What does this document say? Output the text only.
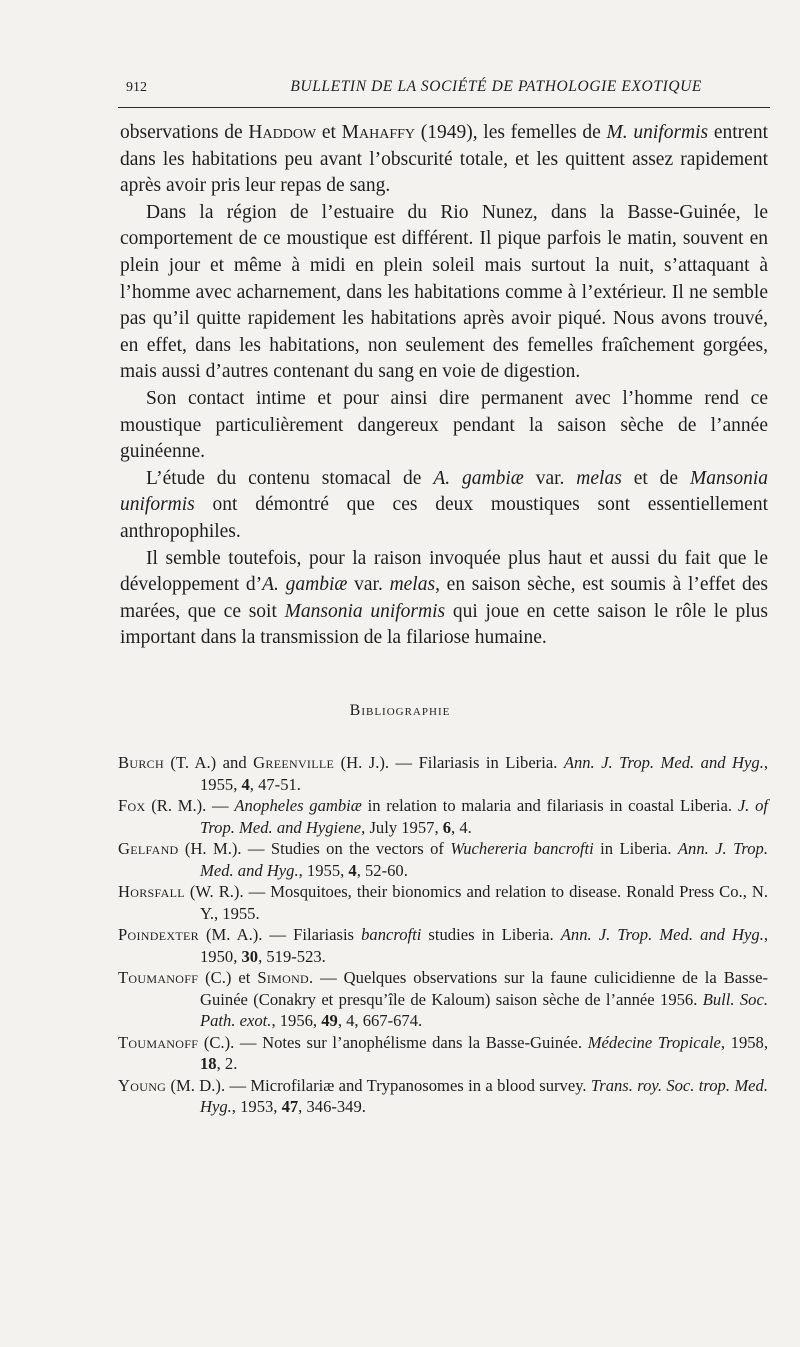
912	BULLETIN DE LA SOCIÉTÉ DE PATHOLOGIE EXOTIQUE

observations de Haddow et Mahaffy (1949), les femelles de M. uniformis entrent dans les habitations peu avant l’obscurité totale, et les quittent assez rapidement après avoir pris leur repas de sang.

Dans la région de l’estuaire du Rio Nunez, dans la Basse-Guinée, le comportement de ce moustique est différent. Il pique parfois le matin, souvent en plein jour et même à midi en plein soleil mais surtout la nuit, s’attaquant à l’homme avec acharnement, dans les habitations comme à l’extérieur. Il ne semble pas qu’il quitte rapidement les habitations après avoir piqué. Nous avons trouvé, en effet, dans les habitations, non seulement des femelles fraîchement gorgées, mais aussi d’autres contenant du sang en voie de digestion.

Son contact intime et pour ainsi dire permanent avec l’homme rend ce moustique particulièrement dangereux pendant la saison sèche de l’année guinéenne.

L’étude du contenu stomacal de A. gambiæ var. melas et de Mansonia uniformis ont démontré que ces deux moustiques sont essentiellement anthropophiles.

Il semble toutefois, pour la raison invoquée plus haut et aussi du fait que le développement d’A. gambiæ var. melas, en saison sèche, est soumis à l’effet des marées, que ce soit Mansonia uniformis qui joue en cette saison le rôle le plus important dans la transmission de la filariose humaine.

Bibliographie
Burch (T. A.) and Greenville (H. J.). — Filariasis in Liberia. Ann. J. Trop. Med. and Hyg., 1955, 4, 47-51.
Fox (R. M.). — Anopheles gambiæ in relation to malaria and filariasis in coastal Liberia. J. of Trop. Med. and Hygiene, July 1957, 6, 4.
Gelfand (H. M.). — Studies on the vectors of Wuchereria bancrofti in Liberia. Ann. J. Trop. Med. and Hyg., 1955, 4, 52-60.
Horsfall (W. R.). — Mosquitoes, their bionomics and relation to disease. Ronald Press Co., N. Y., 1955.
Poindexter (M. A.). — Filariasis bancrofti studies in Liberia. Ann. J. Trop. Med. and Hyg., 1950, 30, 519-523.
Toumanoff (C.) et Simond. — Quelques observations sur la faune culicidienne de la Basse-Guinée (Conakry et presqu’île de Kaloum) saison sèche de l’année 1956. Bull. Soc. Path. exot., 1956, 49, 4, 667-674.
Toumanoff (C.). — Notes sur l’anophélisme dans la Basse-Guinée. Médecine Tropicale, 1958, 18, 2.
Young (M. D.). — Microfilariæ and Trypanosomes in a blood survey. Trans. roy. Soc. trop. Med. Hyg., 1953, 47, 346-349.
